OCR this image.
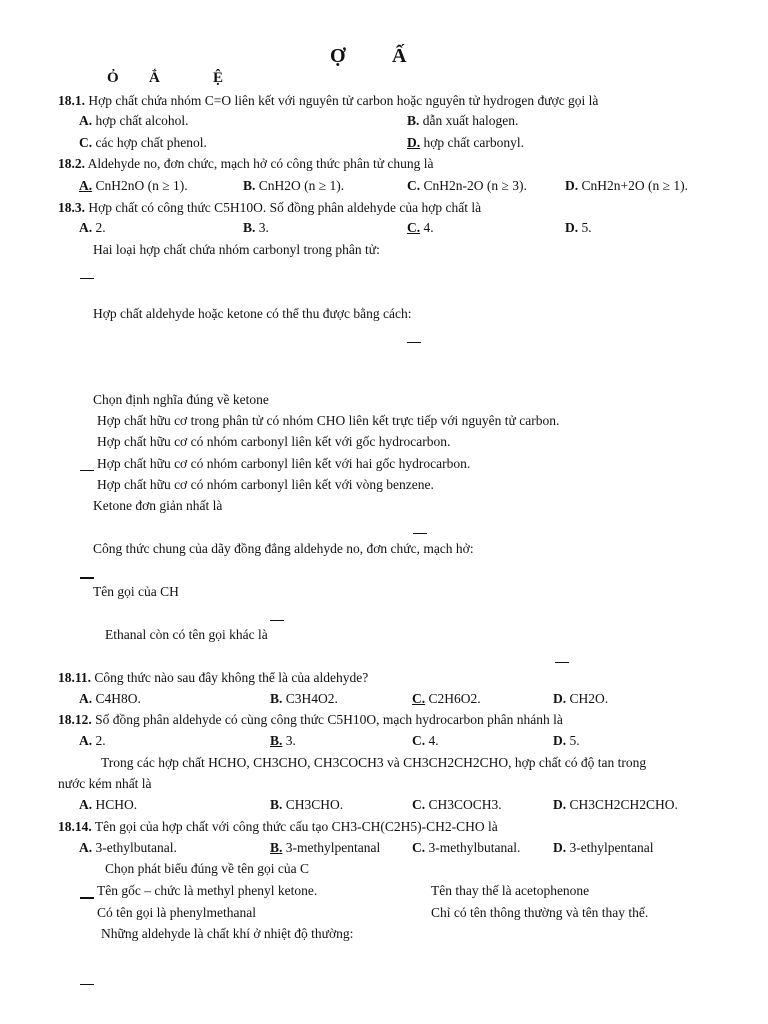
Ợ Ấ
Ỏ Ắ	Ệ
18.1. Hợp chất chứa nhóm C=O liên kết với nguyên tử carbon hoặc nguyên tử hydrogen được gọi là
A. hợp chất alcohol.	B. dẫn xuất halogen.
C. các hợp chất phenol.	D. hợp chất carbonyl.
18.2. Aldehyde no, đơn chức, mạch hở có công thức phân tử chung là
A. CnH2nO (n ≥ 1).	B. CnH2O (n ≥ 1).	C. CnH2n-2O (n ≥ 3).	D. CnH2n+2O (n ≥ 1).
18.3. Hợp chất có công thức C5H10O. Số đồng phân aldehyde của hợp chất là
A. 2.	B. 3.	C. 4.	D. 5.
Hai loại hợp chất chứa nhóm carbonyl trong phân tử:
Hợp chất aldehyde hoặc ketone có thể thu được bằng cách:
Chọn định nghĩa đúng về ketone
Hợp chất hữu cơ trong phân tử có nhóm CHO liên kết trực tiếp với nguyên tử carbon.
Hợp chất hữu cơ có nhóm carbonyl liên kết với gốc hydrocarbon.
Hợp chất hữu cơ có nhóm carbonyl liên kết với hai gốc hydrocarbon.
Hợp chất hữu cơ có nhóm carbonyl liên kết với vòng benzene.
Ketone đơn giản nhất là
Công thức chung của dãy đồng đẳng aldehyde no, đơn chức, mạch hở:
Tên gọi của CH
Ethanal còn có tên gọi khác là
18.11. Công thức nào sau đây không thể là của aldehyde?
A. C4H8O.	B. C3H4O2.	C. C2H6O2.	D. CH2O.
18.12. Số đồng phân aldehyde có cùng công thức C5H10O, mạch hydrocarbon phân nhánh là
A. 2.	B. 3.	C. 4.	D. 5.
Trong các hợp chất HCHO, CH3CHO, CH3COCH3 và CH3CH2CH2CHO, hợp chất có độ tan trong
nước kém nhất là
A. HCHO.	B. CH3CHO.	C. CH3COCH3.	D. CH3CH2CH2CHO.
18.14. Tên gọi của hợp chất với công thức cấu tạo CH3-CH(C2H5)-CH2-CHO là
A. 3-ethylbutanal.	B. 3-methylpentanal C. 3-methylbutanal. D. 3-ethylpentanal
Chọn phát biểu đúng về tên gọi của C
Tên gốc – chức là methyl phenyl ketone.	Tên thay thế là acetophenone
Có tên gọi là phenylmethanal	Chỉ có tên thông thường và tên thay thế.
Những aldehyde là chất khí ở nhiệt độ thường:
